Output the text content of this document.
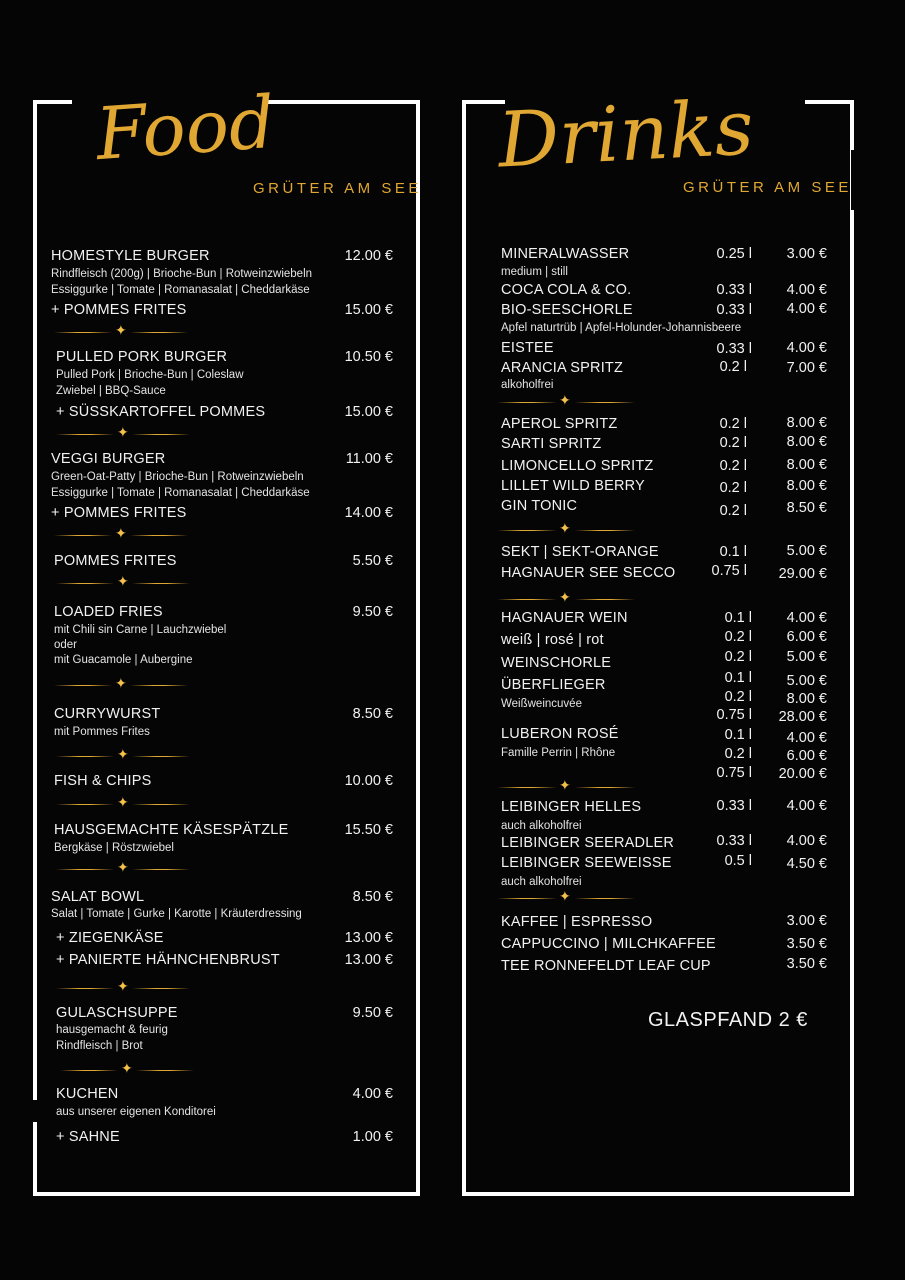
Food
GRÜTER AM SEE
Drinks
GRÜTER AM SEE
HOMESTYLE BURGER	12.00 €
Rindfleisch (200g) | Brioche-Bun | Rotweinzwiebeln
Essiggurke | Tomate | Romanasalat | Cheddarkäse
+ POMMES FRITES	15.00 €
✦
PULLED PORK BURGER	10.50 €
Pulled Pork | Brioche-Bun | Coleslaw
Zwiebel | BBQ-Sauce
+ SÜSSKARTOFFEL POMMES	15.00 €
✦
VEGGI BURGER	11.00 €
Green-Oat-Patty | Brioche-Bun | Rotweinzwiebeln
Essiggurke | Tomate | Romanasalat | Cheddarkäse
+ POMMES FRITES	14.00 €
✦
POMMES FRITES	5.50 €
✦
LOADED FRIES	9.50 €
mit Chili sin Carne | Lauchzwiebel
oder
mit Guacamole | Aubergine
✦
CURRYWURST	8.50 €
mit Pommes Frites
✦
FISH & CHIPS	10.00 €
✦
HAUSGEMACHTE KÄSESPÄTZLE	15.50 €
Bergkäse | Röstzwiebel
✦
SALAT BOWL	8.50 €
Salat | Tomate | Gurke | Karotte | Kräuterdressing
+ ZIEGENKÄSE	13.00 €
+ PANIERTE HÄHNCHENBRUST	13.00 €
✦
GULASCHSUPPE	9.50 €
hausgemacht & feurig
Rindfleisch | Brot
✦
KUCHEN	4.00 €
aus unserer eigenen Konditorei
+ SAHNE	1.00 €
MINERALWASSER	0.25 l 3.00 €
medium | still
COCA COLA & CO.	0.33 l 4.00 €
BIO-SEESCHORLE	0.33 l 4.00 €
Apfel naturtrüb | Apfel-Holunder-Johannisbeere
EISTEE	0.33 l 4.00 €
ARANCIA SPRITZ	0.2 l	7.00 €
alkoholfrei
✦
APEROL SPRITZ	0.2 l	8.00 €
SARTI SPRITZ	0.2 l	8.00 €
LIMONCELLO SPRITZ	0.2 l	8.00 €
LILLET WILD BERRY	0.2 l	8.00 €
GIN TONIC	0.2 l	8.50 €
✦
SEKT | SEKT-ORANGE	0.1 l	5.00 €
HAGNAUER SEE SECCO 0.75 l 29.00 €
✦
HAGNAUER WEIN	0.1 l 4.00 €
weiß | rosé | rot	0.2 l 6.00 €
WEINSCHORLE	0.2 l 5.00 €
ÜBERFLIEGER	0.1 l 5.00 €
Weißweincuvée	0.2 l 8.00 €
0.75 l 28.00 €
LUBERON ROSÉ	0.1 l 4.00 €
Famille Perrin | Rhône	0.2 l 6.00 €
0.75 l 20.00 €
✦
LEIBINGER HELLES	0.33 l 4.00 €
auch alkoholfrei
LEIBINGER SEERADLER	0.33 l 4.00 €
LEIBINGER SEEWEISSE	0.5 l 4.50 €
auch alkoholfrei
✦
KAFFEE | ESPRESSO	3.00 €
CAPPUCCINO | MILCHKAFFEE	3.50 €
TEE RONNEFELDT LEAF CUP	3.50 €
GLASPFAND 2 €
